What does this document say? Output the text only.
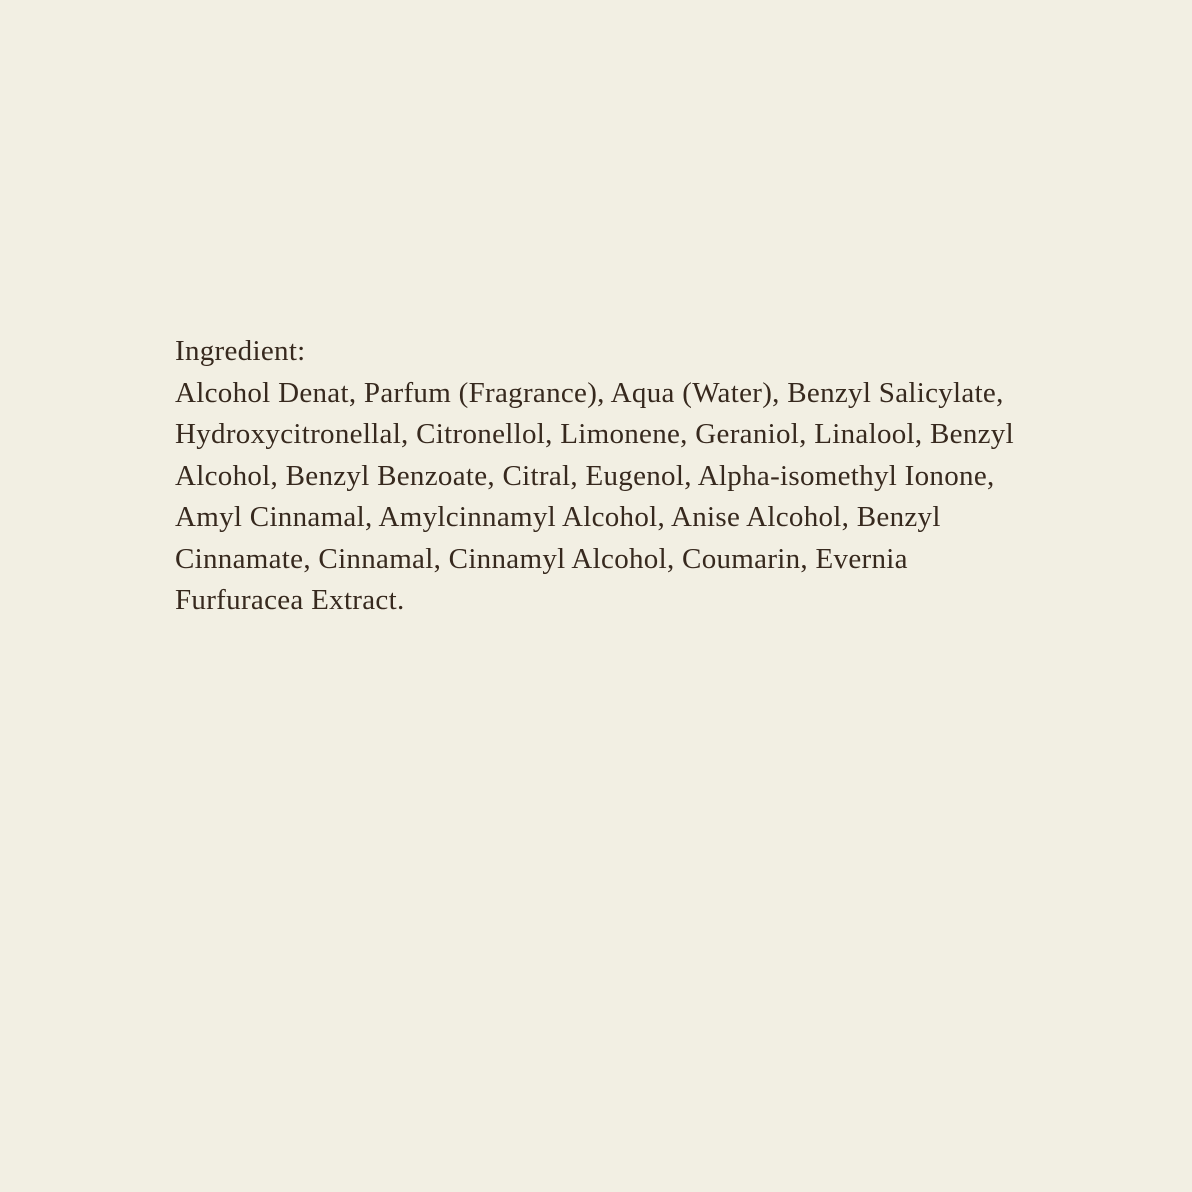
Ingredient:
Alcohol Denat, Parfum (Fragrance), Aqua (Water), Benzyl Salicylate,
Hydroxycitronellal, Citronellol, Limonene, Geraniol, Linalool, Benzyl
Alcohol, Benzyl Benzoate, Citral, Eugenol, Alpha-isomethyl Ionone,
Amyl Cinnamal, Amylcinnamyl Alcohol, Anise Alcohol, Benzyl
Cinnamate, Cinnamal, Cinnamyl Alcohol, Coumarin, Evernia
Furfuracea Extract.
